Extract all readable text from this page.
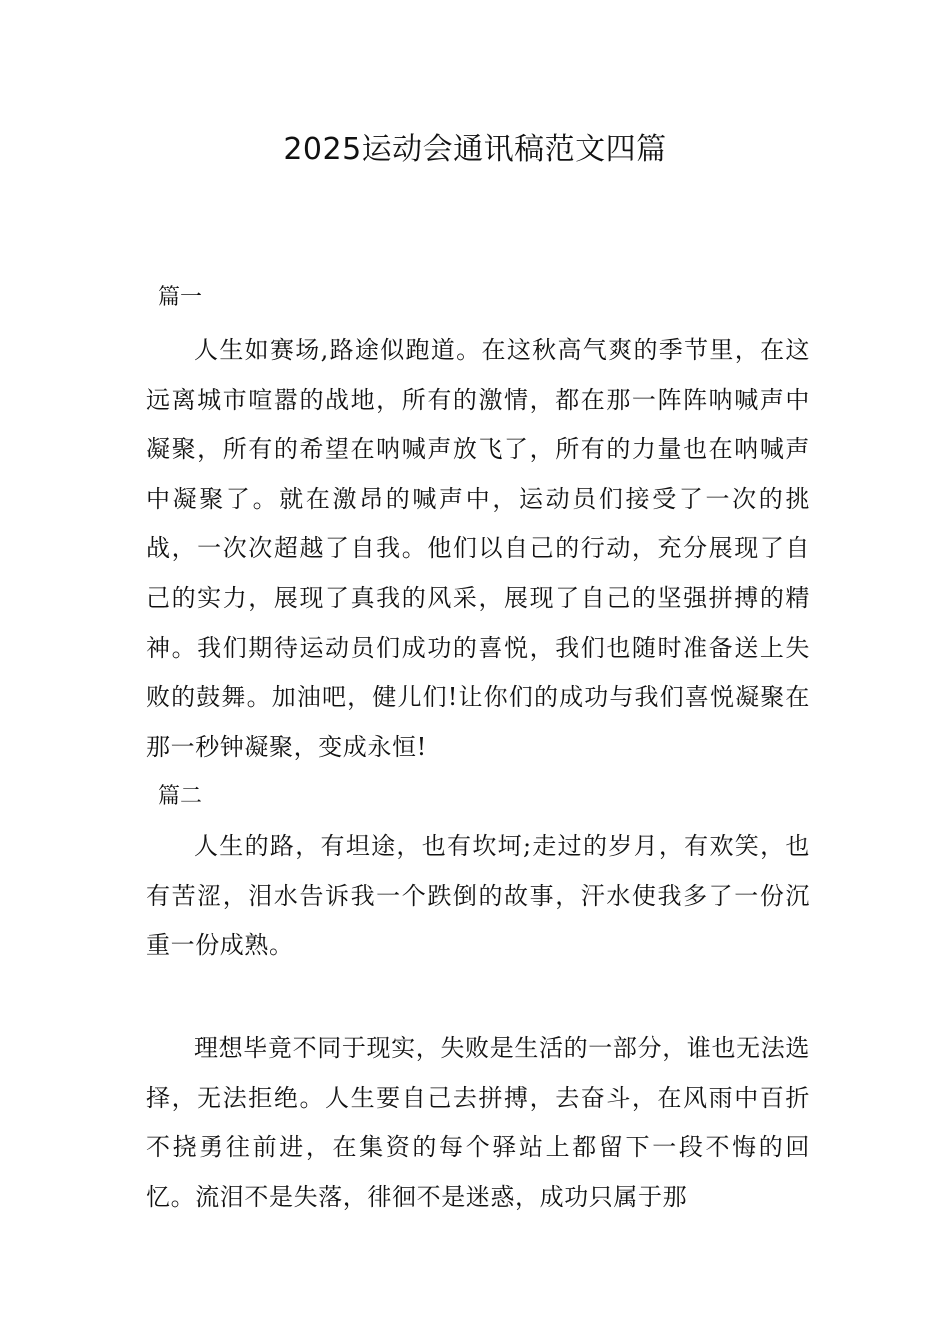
2025运动会通讯稿范文四篇
篇一

人生如赛场,路途似跑道。在这秋高气爽的季节里，在这远离城市喧嚣的战地，所有的激情，都在那一阵阵呐喊声中凝聚，所有的希望在呐喊声放飞了，所有的力量也在呐喊声中凝聚了。就在激昂的喊声中，运动员们接受了一次的挑战，一次次超越了自我。他们以自己的行动，充分展现了自己的实力，展现了真我的风采，展现了自己的坚强拼搏的精神。我们期待运动员们成功的喜悦，我们也随时准备送上失败的鼓舞。加油吧，健儿们!让你们的成功与我们喜悦凝聚在那一秒钟凝聚，变成永恒!

篇二

人生的路，有坦途，也有坎坷;走过的岁月，有欢笑，也有苦涩，泪水告诉我一个跌倒的故事，汗水使我多了一份沉重一份成熟。

理想毕竟不同于现实，失败是生活的一部分，谁也无法选择，无法拒绝。人生要自己去拼搏，去奋斗，在风雨中百折不挠勇往前进，在集资的每个驿站上都留下一段不悔的回忆。流泪不是失落，徘徊不是迷惑，成功只属于那
